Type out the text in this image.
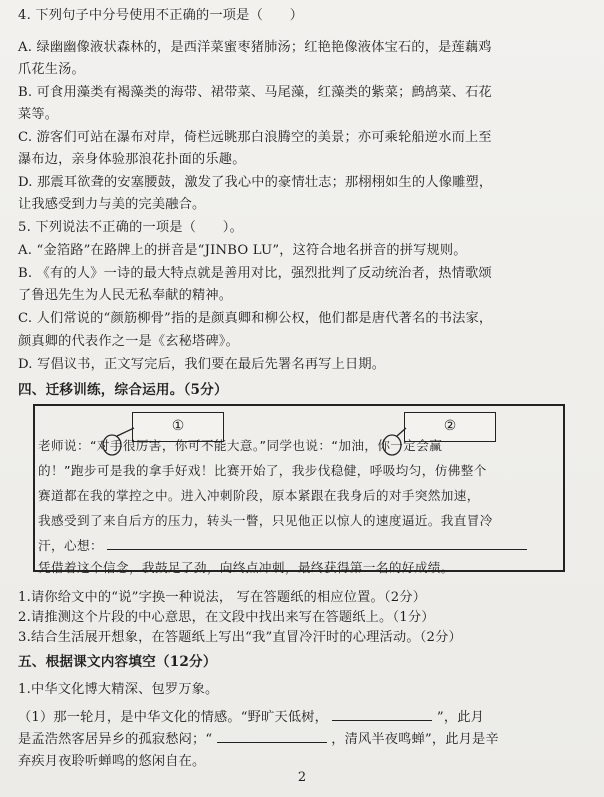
4. 下列句子中分号使用不正确的一项是（　　）
A. 绿幽幽像液状森林的，是西洋菜蜜枣猪肺汤；红艳艳像液体宝石的，是莲藕鸡
爪花生汤。
B. 可食用藻类有褐藻类的海带、裙带菜、马尾藻，红藻类的紫菜；鹧鸪菜、石花
菜等。
C. 游客们可站在瀑布对岸，倚栏远眺那白浪腾空的美景；亦可乘轮船逆水而上至
瀑布边，亲身体验那浪花扑面的乐趣。
D. 那震耳欲聋的安塞腰鼓，激发了我心中的豪情壮志；那栩栩如生的人像雕塑，
让我感受到力与美的完美融合。
5. 下列说法不正确的一项是（　　）。
A. “金箔路”在路牌上的拼音是“JINBO LU”，这符合地名拼音的拼写规则。
B. 《有的人》一诗的最大特点就是善用对比，强烈批判了反动统治者，热情歌颂
了鲁迅先生为人民无私奉献的精神。
C. 人们常说的“颜筋柳骨”指的是颜真卿和柳公权，他们都是唐代著名的书法家，
颜真卿的代表作之一是《玄秘塔碑》。
D. 写倡议书，正文写完后，我们要在最后先署名再写上日期。
四、迁移训练，综合运用。（5分）
①	②
老师说：“对手很厉害，你可不能大意。”同学也说：“加油，你一定会赢
的！”跑步可是我的拿手好戏！比赛开始了，我步伐稳健，呼吸均匀，仿佛整个
赛道都在我的掌控之中。进入冲刺阶段，原本紧跟在我身后的对手突然加速，
我感受到了来自后方的压力，转头一瞥，只见他正以惊人的速度逼近。我直冒冷
汗，心想：
凭借着这个信念，我鼓足了劲，向终点冲刺，最终获得第一名的好成绩。
1.请你给文中的“说”字换一种说法， 写在答题纸的相应位置。（2分）
2.请推测这个片段的中心意思，在文段中找出来写在答题纸上。（1分）
3.结合生活展开想象，在答题纸上写出“我”直冒冷汗时的心理活动。（2分）
五、根据课文内容填空（12分）
1.中华文化博大精深、包罗万象。
（1）那一轮月，是中华文化的情感。“野旷天低树，	”，此月
是孟浩然客居异乡的孤寂愁闷；“	，清风半夜鸣蝉”，此月是辛
弃疾月夜聆听蝉鸣的悠闲自在。
2
